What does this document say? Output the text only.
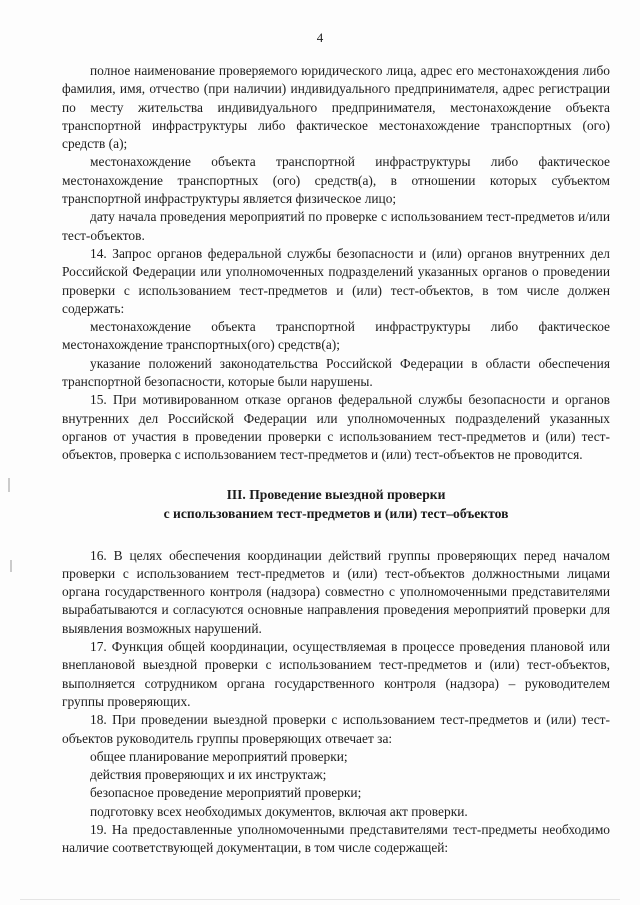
4

полное наименование проверяемого юридического лица, адрес его местонахождения либо фамилия, имя, отчество (при наличии) индивидуального предпринимателя, адрес регистрации по месту жительства индивидуального предпринимателя, местонахождение объекта транспортной инфраструктуры либо фактическое местонахождение транспортных (ого) средств (а);

местонахождение объекта транспортной инфраструктуры либо фактическое местонахождение транспортных (ого) средств(а), в отношении которых субъектом транспортной инфраструктуры является физическое лицо;

дату начала проведения мероприятий по проверке с использованием тест-предметов и/или тест-объектов.

14. Запрос органов федеральной службы безопасности и (или) органов внутренних дел Российской Федерации или уполномоченных подразделений указанных органов о проведении проверки с использованием тест-предметов и (или) тест-объектов, в том числе должен содержать:

местонахождение объекта транспортной инфраструктуры либо фактическое местонахождение транспортных(ого) средств(а);

указание положений законодательства Российской Федерации в области обеспечения транспортной безопасности, которые были нарушены.

15. При мотивированном отказе органов федеральной службы безопасности и органов внутренних дел Российской Федерации или уполномоченных подразделений указанных органов от участия в проведении проверки с использованием тест-предметов и (или) тест-объектов, проверка с использованием тест-предметов и (или) тест-объектов не проводится.

III. Проведение выездной проверки
с использованием тест-предметов и (или) тест–объектов

16. В целях обеспечения координации действий группы проверяющих перед началом проверки с использованием тест-предметов и (или) тест-объектов должностными лицами органа государственного контроля (надзора) совместно с уполномоченными представителями вырабатываются и согласуются основные направления проведения мероприятий проверки для выявления возможных нарушений.

17. Функция общей координации, осуществляемая в процессе проведения плановой или внеплановой выездной проверки с использованием тест-предметов и (или) тест-объектов, выполняется сотрудником органа государственного контроля (надзора) – руководителем группы проверяющих.

18. При проведении выездной проверки с использованием тест-предметов и (или) тест-объектов руководитель группы проверяющих отвечает за:

общее планирование мероприятий проверки;

действия проверяющих и их инструктаж;

безопасное проведение мероприятий проверки;

подготовку всех необходимых документов, включая акт проверки.

19. На предоставленные уполномоченными представителями тест-предметы необходимо наличие соответствующей документации, в том числе содержащей:
